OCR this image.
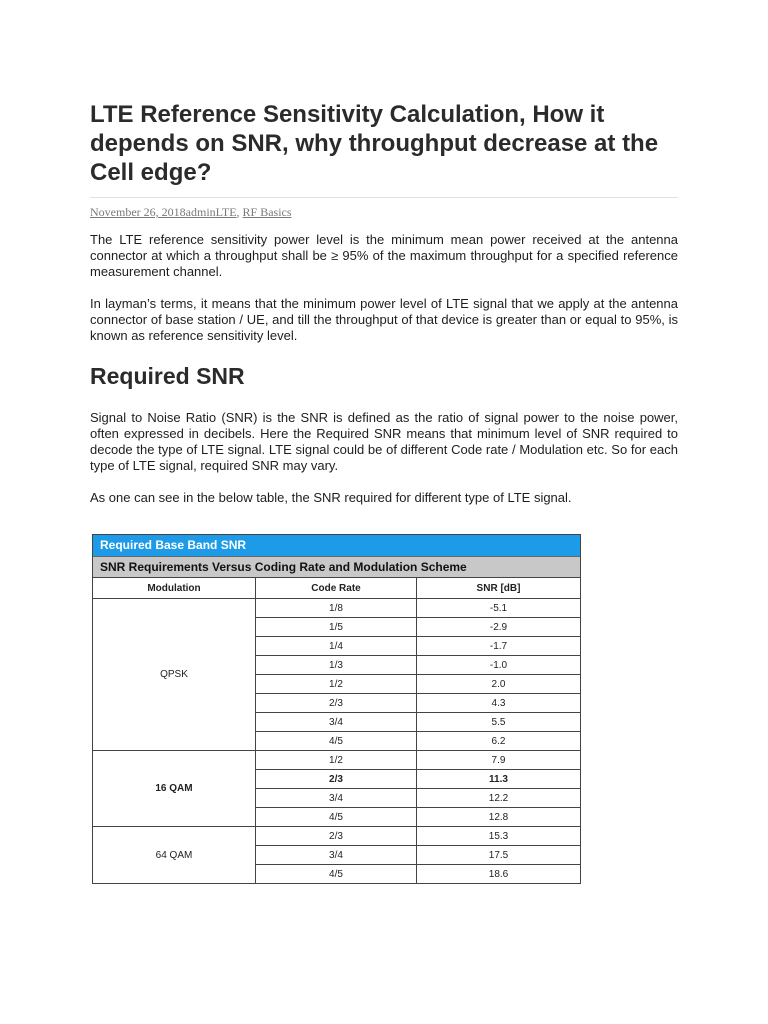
LTE Reference Sensitivity Calculation, How it depends on SNR, why throughput decrease at the Cell edge?
November 26, 2018adminLTE, RF Basics

The LTE reference sensitivity power level is the minimum mean power received at the antenna connector at which a throughput shall be ≥ 95% of the maximum throughput for a specified reference measurement channel.

In layman’s terms, it means that the minimum power level of LTE signal that we apply at the antenna connector of base station / UE, and till the throughput of that device is greater than or equal to 95%, is known as reference sensitivity level.

Required SNR

Signal to Noise Ratio (SNR) is the SNR is defined as the ratio of signal power to the noise power, often expressed in decibels. Here the Required SNR means that minimum level of SNR required to decode the type of LTE signal. LTE signal could be of different Code rate / Modulation etc. So for each type of LTE signal, required SNR may vary.

As one can see in the below table, the SNR required for different type of LTE signal.

Required Base Band SNR
SNR Requirements Versus Coding Rate and Modulation Scheme
Modulation	Code Rate	SNR [dB]
QPSK	1/8	-5.1
	1/5	-2.9
	1/4	-1.7
	1/3	-1.0
	1/2	2.0
	2/3	4.3
	3/4	5.5
	4/5	6.2
16 QAM	1/2	7.9
	2/3	11.3
	3/4	12.2
	4/5	12.8
64 QAM	2/3	15.3
	3/4	17.5
	4/5	18.6
